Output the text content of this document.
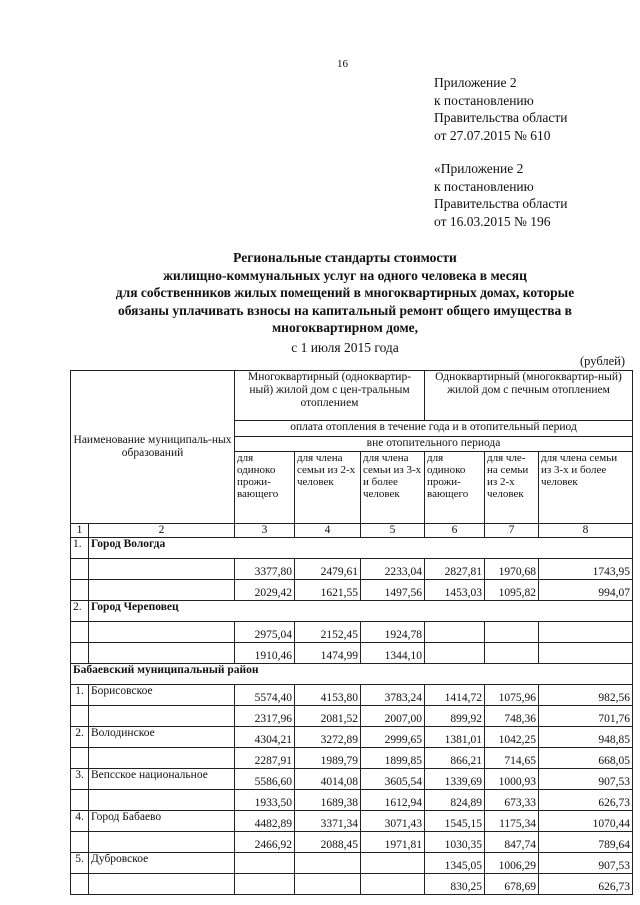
16
Приложение 2
к постановлению
Правительства области
от 27.07.2015 № 610
«Приложение 2
к постановлению
Правительства области
от 16.03.2015 № 196
Региональные стандарты стоимости
жилищно-коммунальных услуг на одного человека в месяц
для собственников жилых помещений в многоквартирных домах, которые
обязаны уплачивать взносы на капитальный ремонт общего имущества в
многоквартирном доме,
с 1 июля 2015 года
(рублей)
Наименование муниципаль-ных образований		Многоквартирный (одноквартир-ный) жилой дом с цен-тральным отоплением			Одноквартирный (многоквартир-ный) жилой дом с печным отоплением		
		оплата отопления в течение года и в отопительный период					
		вне отопительного периода					
		для одиноко прожи-вающего	для члена семьи из 2-х человек	для члена семьи из 3-х и более человек	для одиноко прожи-вающего	для чле-на семьи из 2-х человек	для члена семьи из 3-х и более человек
1	2	3	4	5	6	7	8
1.	Город Вологда						
		3377,80	2479,61	2233,04	2827,81	1970,68	1743,95
		2029,42	1621,55	1497,56	1453,03	1095,82	994,07
2.	Город Череповец						
		2975,04	2152,45	1924,78			
		1910,46	1474,99	1344,10			
Бабаевский муниципальный район							
1.	Борисовское	5574,40	4153,80	3783,24	1414,72	1075,96	982,56
		2317,96	2081,52	2007,00	899,92	748,36	701,76
2.	Володинское	4304,21	3272,89	2999,65	1381,01	1042,25	948,85
		2287,91	1989,79	1899,85	866,21	714,65	668,05
3.	Вепсское национальное	5586,60	4014,08	3605,54	1339,69	1000,93	907,53
		1933,50	1689,38	1612,94	824,89	673,33	626,73
4.	Город Бабаево	4482,89	3371,34	3071,43	1545,15	1175,34	1070,44
		2466,92	2088,45	1971,81	1030,35	847,74	789,64
5.	Дубровское				1345,05	1006,29	907,53
					830,25	678,69	626,73
